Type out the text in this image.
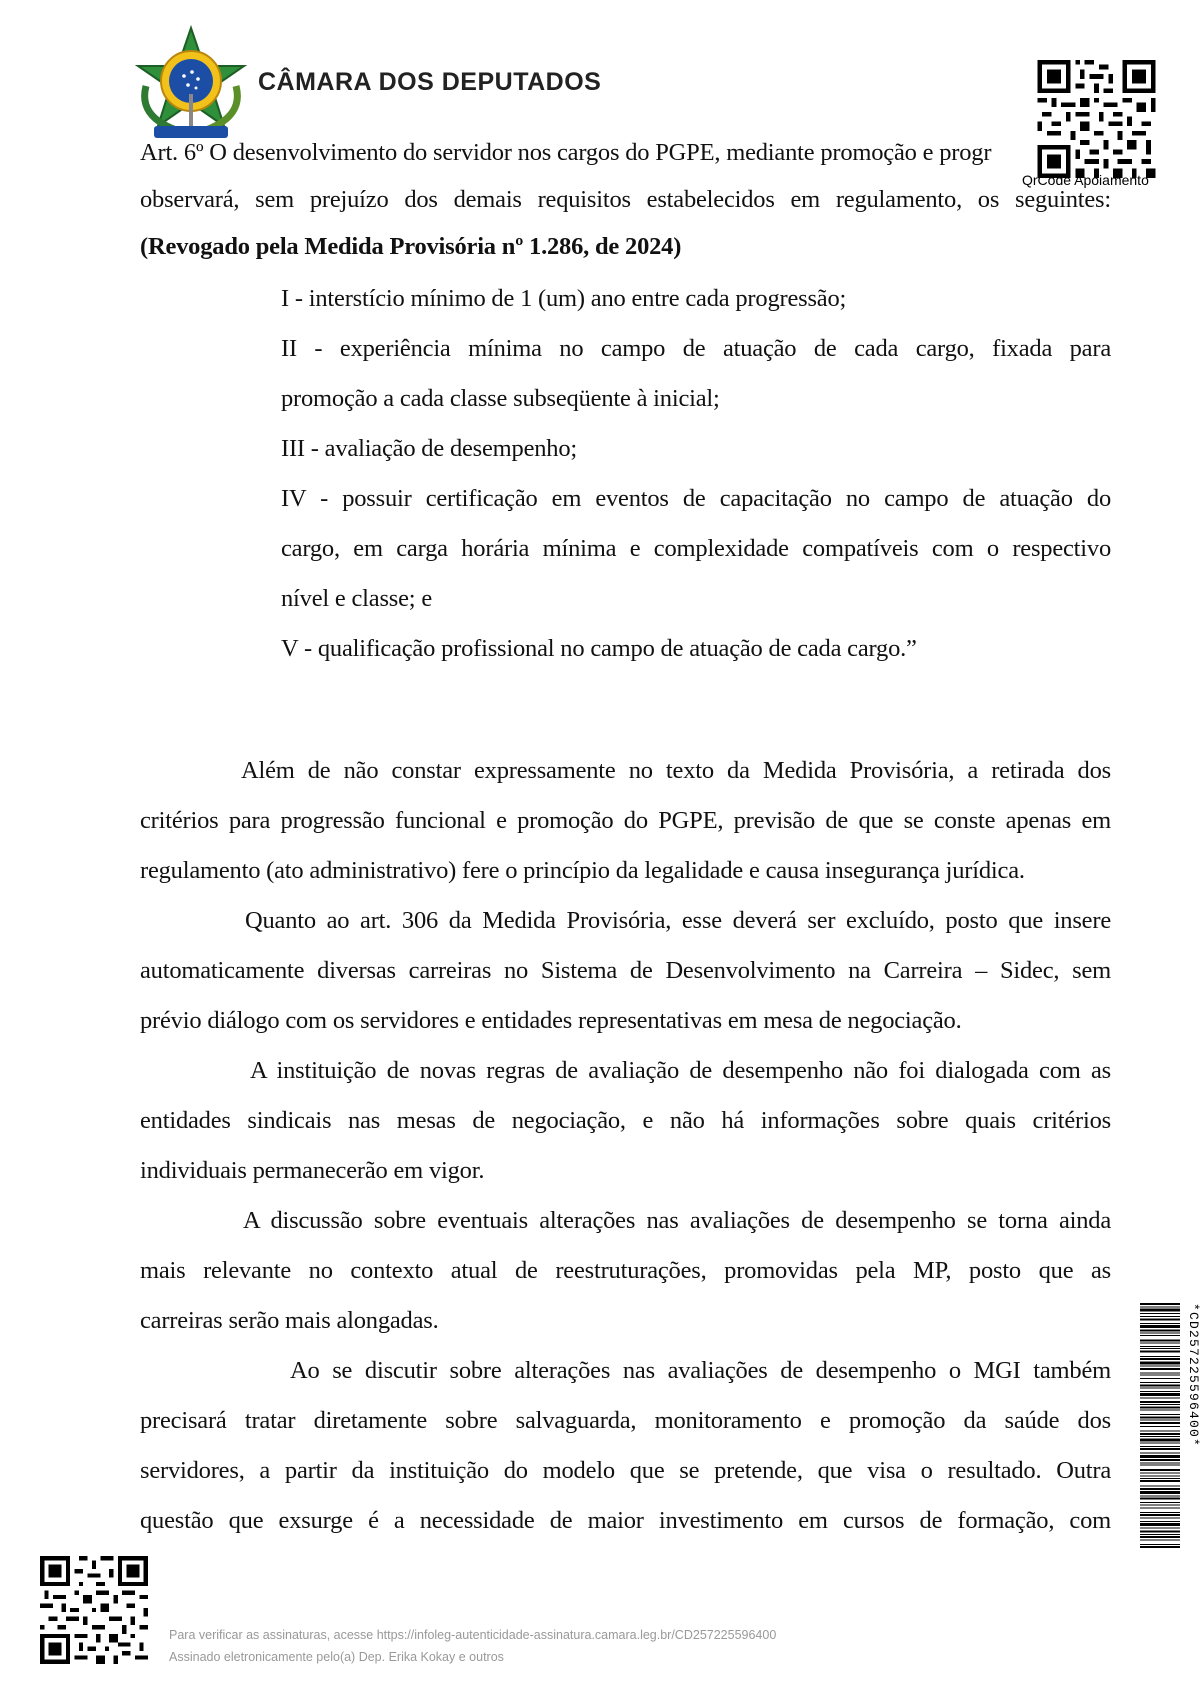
CÂMARA DOS DEPUTADOS
QrCode Apoiamento
Art. 6º O desenvolvimento do servidor nos cargos do PGPE, mediante promoção e progr
observará, sem prejuízo dos demais requisitos estabelecidos em regulamento, os seguintes:
(Revogado pela Medida Provisória nº 1.286, de 2024)
I - interstício mínimo de 1 (um) ano entre cada progressão;
II - experiência mínima no campo de atuação de cada cargo, fixada para
promoção a cada classe subseqüente à inicial;
III - avaliação de desempenho;
IV - possuir certificação em eventos de capacitação no campo de atuação do
cargo, em carga horária mínima e complexidade compatíveis com o respectivo
nível e classe; e
V - qualificação profissional no campo de atuação de cada cargo.”
Além de não constar expressamente no texto da Medida Provisória, a retirada dos
critérios para progressão funcional e promoção do PGPE, previsão de que se conste apenas em
regulamento (ato administrativo) fere o princípio da legalidade e causa insegurança jurídica.
Quanto ao art. 306 da Medida Provisória, esse deverá ser excluído, posto que insere
automaticamente diversas carreiras no Sistema de Desenvolvimento na Carreira – Sidec, sem
prévio diálogo com os servidores e entidades representativas em mesa de negociação.
A instituição de novas regras de avaliação de desempenho não foi dialogada com as
entidades sindicais nas mesas de negociação, e não há informações sobre quais critérios
individuais permanecerão em vigor.
A discussão sobre eventuais alterações nas avaliações de desempenho se torna ainda
mais relevante no contexto atual de reestruturações, promovidas pela MP, posto que as
carreiras serão mais alongadas.
Ao se discutir sobre alterações nas avaliações de desempenho o MGI também
precisará tratar diretamente sobre salvaguarda, monitoramento e promoção da saúde dos
servidores, a partir da instituição do modelo que se pretende, que visa o resultado. Outra
questão que exsurge é a necessidade de maior investimento em cursos de formação, com
*CD257225596400*
Para verificar as assinaturas, acesse https://infoleg-autenticidade-assinatura.camara.leg.br/CD257225596400
Assinado eletronicamente pelo(a) Dep. Erika Kokay e outros
